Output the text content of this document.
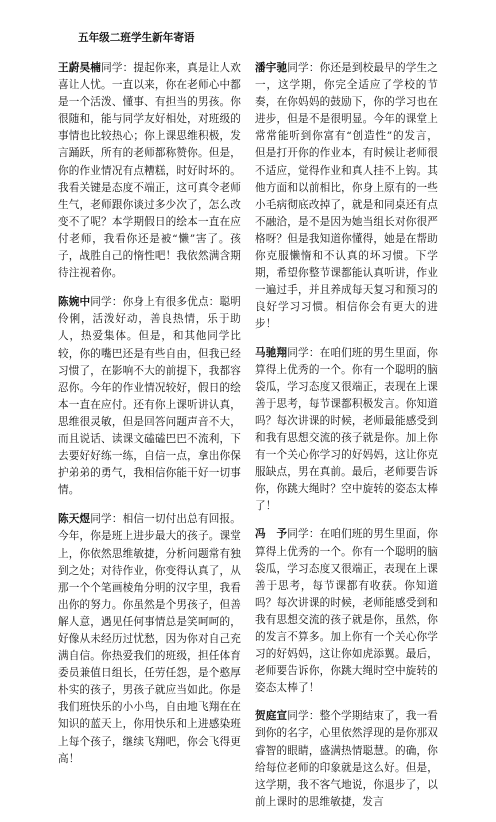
五年级二班学生新年寄语
王蔚昊楠同学：提起你来，真是让人欢喜让人忧。一直以来，你在老师心中都是一个活泼、懂事、有担当的男孩。你很随和，能与同学友好相处，对班级的事情也比较热心；你上课思维积极，发言踊跃，所有的老师都称赞你。但是，你的作业情况有点糟糕，时好时坏的。我看关键是态度不端正，这可真令老师生气，老师跟你谈过多少次了，怎么改变不了呢？本学期假日的绘本一直在应付老师，我看你还是被“懒”害了。孩子，战胜自己的惰性吧！我依然满含期待注视着你。
陈婉中同学：你身上有很多优点：聪明伶俐，活泼好动，善良热情，乐于助人，热爱集体。但是，和其他同学比较，你的嘴巴还是有些自由，但我已经习惯了，在影响不大的前提下，我都容忍你。今年的作业情况较好，假日的绘本一直在应付。还有你上课听讲认真，思维很灵敏，但是回答问题声音不大，而且说话、读课文磕磕巴巴不流利，下去要好好练一练，自信一点，拿出你保护弟弟的勇气，我相信你能干好一切事情。
陈天煜同学：相信一切付出总有回报。今年，你是班上进步最大的孩子。课堂上，你依然思维敏捷，分析问题常有独到之处；对待作业，你变得认真了，从那一个个笔画棱角分明的汉字里，我看出你的努力。你虽然是个男孩子，但善解人意，遇见任何事情总是笑呵呵的，好像从未经历过忧愁，因为你对自己充满自信。你热爱我们的班级，担任体育委员兼值日组长，任劳任怨，是个憨厚朴实的孩子，男孩子就应当如此。你是我们班快乐的小小鸟，自由地飞翔在在知识的蓝天上，你用快乐和上进感染班上每个孩子，继续飞翔吧，你会飞得更高！
潘宇驰同学：你还是到校最早的学生之一，这学期，你完全适应了学校的节奏，在你妈妈的鼓励下，你的学习也在进步，但是不是很明显。今年的课堂上常常能听到你富有“创造性”的发言，但是打开你的作业本，有时候让老师很不适应，觉得作业和真人挂不上钩。其他方面和以前相比，你身上原有的一些小毛病彻底改掉了，就是和同桌还有点不融洽，是不是因为她当组长对你很严格呀？但是我知道你懂得，她是在帮助你克服懒惰和不认真的坏习惯。下学期，希望你整节课都能认真听讲，作业一遍过手，并且养成每天复习和预习的良好学习习惯。相信你会有更大的进步！
马驰翔同学：在咱们班的男生里面，你算得上优秀的一个。你有一个聪明的脑袋瓜，学习态度又很端正，表现在上课善于思考，每节课都积极发言。你知道吗？每次讲课的时候，老师最能感受到和我有思想交流的孩子就是你。加上你有一个关心你学习的好妈妈，这让你克服缺点，男在真前。最后，老师要告诉你，你跳大绳时？空中旋转的姿态太棒了！
冯　予同学：在咱们班的男生里面，你算得上优秀的一个。你有一个聪明的脑袋瓜，学习态度又很端正，表现在上课善于思考，每节课都有收获。你知道吗？每次讲课的时候，老师能感受到和我有思想交流的孩子就是你，虽然，你的发言不算多。加上你有一个关心你学习的好妈妈，这让你如虎添翼。最后，老师要告诉你，你跳大绳时空中旋转的姿态太棒了！
贺庭宣同学：整个学期结束了，我一看到你的名字，心里依然浮现的是你那双睿智的眼睛，盛满热情聪慧。的确，你给每位老师的印象就是这么好。但是，这学期，我不客气地说，你退步了，以前上课时的思维敏捷，发言
